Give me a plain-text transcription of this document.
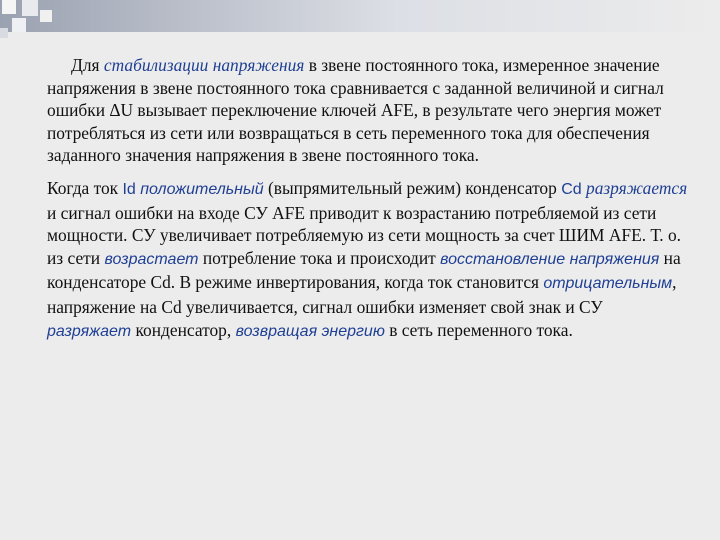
Для стабилизации напряжения в звене постоянного тока, измеренное значение напряжения в звене постоянного тока сравнивается с заданной величиной и сигнал ошибки ΔU вызывает переключение ключей AFE, в результате чего энергия может потребляться из сети или возвращаться в сеть переменного тока для обеспечения заданного значения напряжения в звене постоянного тока.

Когда ток Id положительный (выпрямительный режим) конденсатор Cd разряжается и сигнал ошибки на входе СУ AFE приводит к возрастанию потребляемой из сети мощности. СУ увеличивает потребляемую из сети мощность за счет ШИМ AFE. Т. о. из сети возрастает потребление тока и происходит восстановление напряжения на конденсаторе Cd. В режиме инвертирования, когда ток становится отрицательным, напряжение на Cd увеличивается, сигнал ошибки изменяет свой знак и СУ разряжает конденсатор, возвращая энергию в сеть переменного тока.
